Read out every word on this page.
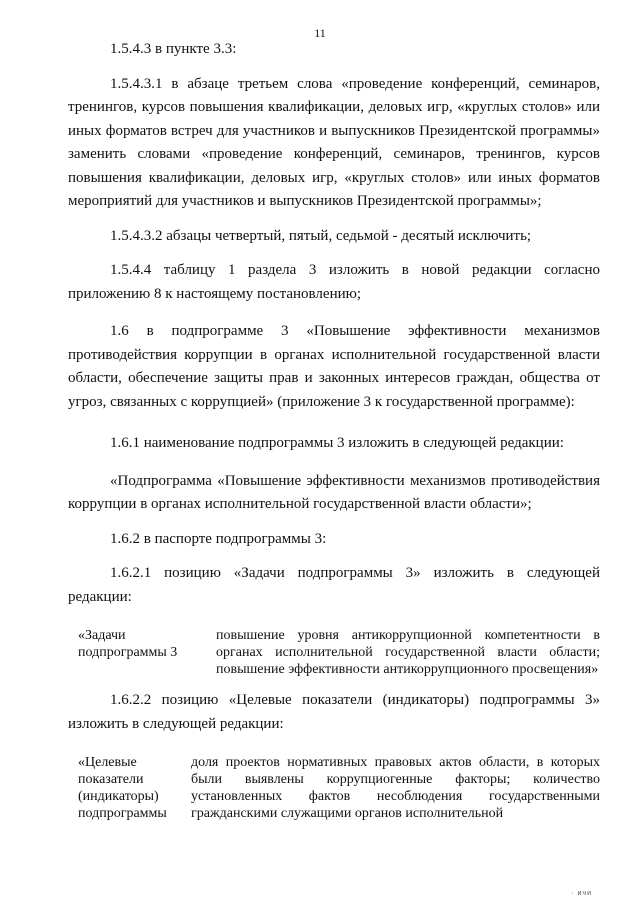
11

1.5.4.3 в пункте 3.3:

1.5.4.3.1 в абзаце третьем слова «проведение конференций, семинаров, тренингов, курсов повышения квалификации, деловых игр, «круглых столов» или иных форматов встреч для участников и выпускников Президентской программы» заменить словами «проведение конференций, семинаров, тренингов, курсов повышения квалификации, деловых игр, «круглых столов» или иных форматов мероприятий для участников и выпускников Президентской программы»;

1.5.4.3.2 абзацы четвертый, пятый, седьмой - десятый исключить;

1.5.4.4 таблицу 1 раздела 3 изложить в новой редакции согласно приложению 8 к настоящему постановлению;

1.6 в подпрограмме 3 «Повышение эффективности механизмов противодействия коррупции в органах исполнительной государственной власти области, обеспечение защиты прав и законных интересов граждан, общества от угроз, связанных с коррупцией» (приложение 3 к государственной программе):

1.6.1 наименование подпрограммы 3 изложить в следующей редакции:

«Подпрограмма «Повышение эффективности механизмов противодействия коррупции в органах исполнительной государственной власти области»;

1.6.2 в паспорте подпрограммы 3:

1.6.2.1 позицию «Задачи подпрограммы 3» изложить в следующей редакции:

«Задачи подпрограммы 3
повышение уровня антикоррупционной компетентности в органах исполнительной государственной власти области; повышение эффективности антикоррупционного просвещения»

1.6.2.2 позицию «Целевые показатели (индикаторы) подпрограммы 3» изложить в следующей редакции:

«Целевые показатели (индикаторы) подпрограммы
доля проектов нормативных правовых актов области, в которых были выявлены коррупциогенные факторы; количество установленных фактов несоблюдения государственными гражданскими служащими органов исполнительной
· ичи
